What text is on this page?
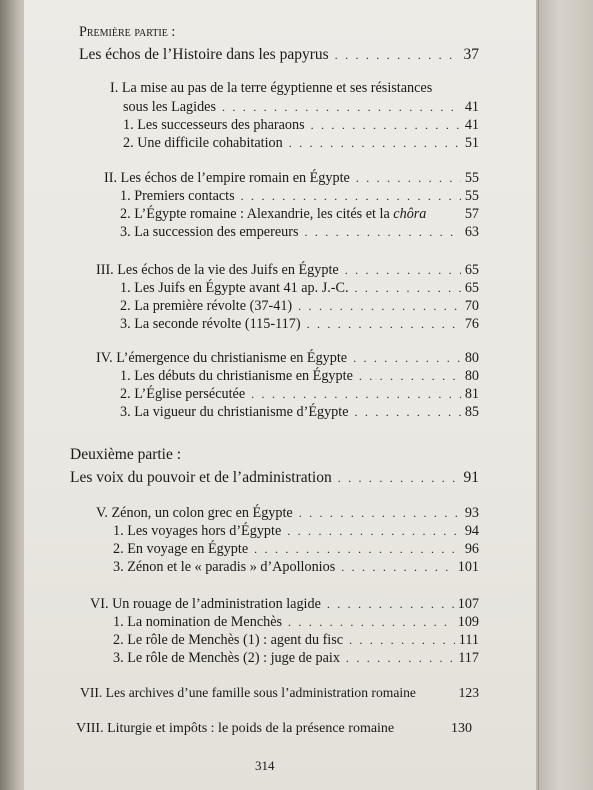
Première partie :
Les échos de l’Histoire dans les papyrus . . .	37
I. La mise au pas de la terre égyptienne et ses résistances
sous les Lagides . . .	41
1. Les successeurs des pharaons . . .	41
2. Une difficile cohabitation . . .	51
II. Les échos de l’empire romain en Égypte . . .	55
1. Premiers contacts . . .	55
2. L’Égypte romaine : Alexandrie, les cités et la chôra	57
3. La succession des empereurs . . .	63
III. Les échos de la vie des Juifs en Égypte . . .	65
1. Les Juifs en Égypte avant 41 ap. J.-C. . . .	65
2. La première révolte (37-41) . . .	70
3. La seconde révolte (115-117) . . .	76
IV. L’émergence du christianisme en Égypte . . .	80
1. Les débuts du christianisme en Égypte . . .	80
2. L’Église persécutée . . .	81
3. La vigueur du christianisme d’Égypte . . .	85
Deuxième partie :
Les voix du pouvoir et de l’administration . . .	91
V. Zénon, un colon grec en Égypte . . .	93
1. Les voyages hors d’Égypte . . .	94
2. En voyage en Égypte . . .	96
3. Zénon et le « paradis » d’Apollonios . . .	101
VI. Un rouage de l’administration lagide . . .	107
1. La nomination de Menchès . . .	109
2. Le rôle de Menchès (1) : agent du fisc . . .	111
3. Le rôle de Menchès (2) : juge de paix . . .	117
VII. Les archives d’une famille sous l’administration romaine	123
VIII. Liturgie et impôts : le poids de la présence romaine	130
314
